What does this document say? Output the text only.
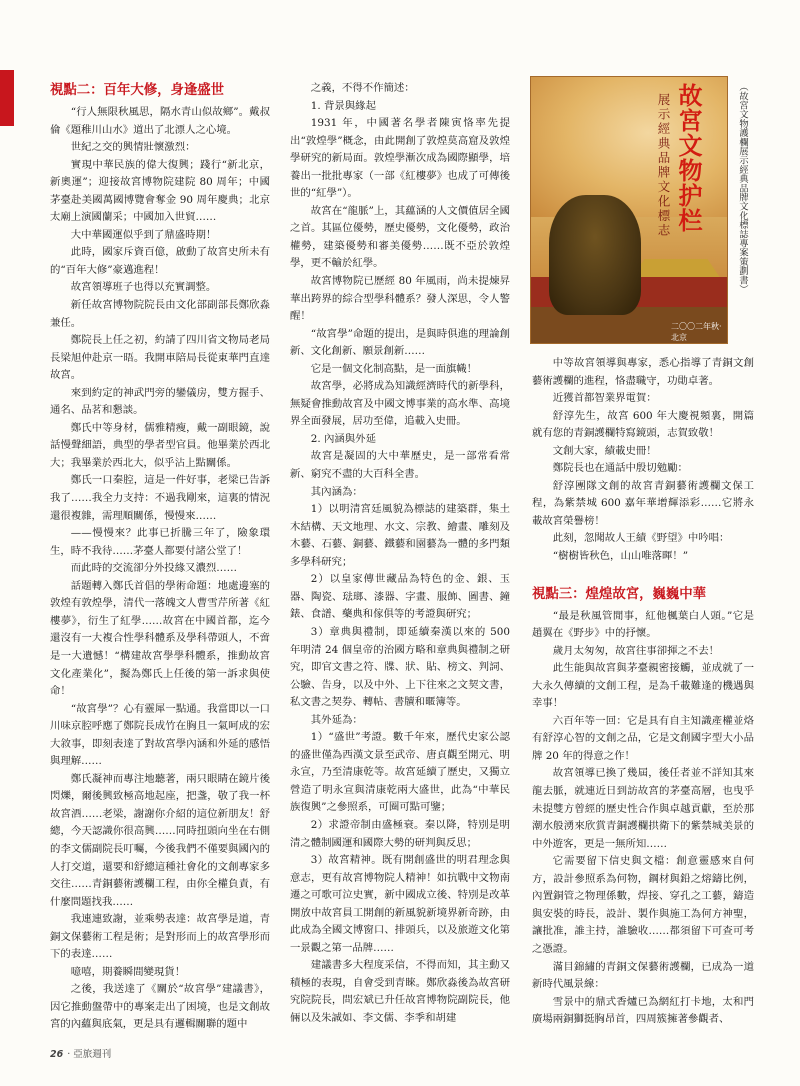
視點二：百年大修，身逢盛世

“行人無限秋風思，隔水青山似故鄉”。戴叔倫《題稚川山水》道出了北漂人之心境。

世紀之交的興情壯懷激烈：

實現中華民族的偉大復興；踐行“新北京，新奧運”；迎接故宮博物院建院 80 周年；中國茅臺赴美國萬國博覽會奪金 90 周年慶典；北京太廟上演國蘭采；中國加入世貿……

大中華國運似乎到了鼎盛時期！

此時，國家斥資百億，啟動了故宮史所未有的“百年大修”豪邁進程！

故宮領導班子也得以充實調整。

新任故宮博物院院長由文化部副部長鄭欣淼兼任。

鄭院長上任之初，約請了四川省文物局老局長梁旭仲赴京一晤。我開車陪局長從東華門直達故宮。

來到約定的神武門旁的鑾儀房，雙方握手、通名、品茗和懇談。

鄭氏中等身材，儒雅精瘦，戴一副眼鏡，說話慢聲細語，典型的學者型官員。他畢業於西北大；我畢業於西北大，似乎沾上點關係。

鄭氏一口秦腔，這是一件好事，老梁已告訴我了……我全力支持：不過我剛來，這裏的情況還很複雜，需理順關係，慢慢來……

——慢慢來？此事已折騰三年了，險象環生，時不我待……茅臺人都要付諸公堂了！

而此時的交流卻分外投緣又濃烈……

話題轉入鄭氏首倡的學術命題：地處邊塞的敦煌有敦煌學，清代一落魄文人曹雪芹所著《紅樓夢》，衍生了紅學……故宮在中國首都，迄今還沒有一大複合性學科體系及學科帶頭人，不啻是一大遺憾！“構建故宮學學科體系，推動故宮文化產業化”，擬為鄭氏上任後的第一訴求與使命！

“故宮學”？心有靈犀一點通。我當即以一口川味京腔呼應了鄭院長成竹在胸且一氣呵成的宏大敘事，即刻表達了對故宮學內涵和外延的感悟與理解……

鄭氏凝神而專注地聽著，兩只眼睛在鏡片後閃爍，爾後興致極高地起座，把盞，敬了我一杯故宮酒……老梁，謝謝你介紹的這位新朋友！舒總，今天認識你很高興……同時扭頭向坐在右側的李文儒副院長叮囑，今後我們不僅要與國內的人打交道，還要和舒總這種社會化的文創專家多交往……青銅藝術護欄工程，由你全權負責，有什麼問題找我……

我連連致謝，並乘勢表達：故宮學是道，青銅文保藝術工程是術；是對形而上的故宮學形而下的表達……

噫嘻，期養瞬間變現貨！

之後，我送達了《關於“故宮學”建議書》，因它推動盤帶中的專案走出了困境，也是文創故宮的內蘊與底氣，更是具有邏輯關聯的題中

之義，不得不作簡述：

1. 背景與緣起

1931 年，中國著名學者陳寅恪率先提出“敦煌學”概念，由此開創了敦煌莫高窟及敦煌學研究的新局面。敦煌學漸次成為國際顯學，培養出一批批專家（一部《紅樓夢》也成了可傳後世的“紅學”）。

故宮在“龍脈”上，其蘊涵的人文價值居全國之首。其區位優勢，歷史優勢，文化優勢，政治權勢，建築優勢和審美優勢……既不亞於敦煌學，更不輸於紅學。

故宮博物院已歷經 80 年風雨，尚未提煉昇華出跨界的綜合型學科體系？發人深思，令人警醒！

“故宮學”命題的提出，是與時俱進的理論創新、文化創新、願景創新……

它是一個文化制高點，是一面旗幟！

故宮學，必將成為知識經濟時代的新學科，無疑會推動故宮及中國文博事業的高水準、高境界全面發展，居功至偉，追載入史冊。

2. 內涵與外延

故宮是凝固的大中華歷史，是一部常看常新、窮究不盡的大百科全書。

其內涵為：

1）以明清宮廷風貌為標誌的建築群，集土木結構、天文地理、水文、宗教、繪畫、雕刻及木藝、石藝、銅藝、鐵藝和園藝為一體的多門類多學科研究；

2）以皇家傳世藏品為特色的金、銀、玉器、陶瓷、琺瑯、漆器、字畫、服飾、圖書、鐘錶、食譜、藥典和傢俱等的考證與研究；

3）章典與禮制，即延續秦漢以來的 500 年明清 24 個皇帝的治國方略和章典與禮制之研究，即官文書之符、牒、狀、貼、榜文、判詞、公驗、告身，以及中外、上下往來之文契文書，私文書之契券、轉帖、書牘和暱簿等。

其外延為：

1）“盛世”考證。數千年來，歷代史家公認的盛世僅為西漢文景至武帝、唐貞觀至開元、明永宣，乃至清康乾等。故宮延續了歷史，又獨立營造了明永宣與清康乾兩大盛世，此為“中華民族復興”之參照系，可圈可點可鑒；

2）求證帝制由盛極衰。秦以降，特別是明清之體制國運和國際大勢的研判與反思；

3）故宮精神。既有開創盛世的明君理念與意志，更有故宮博物院人精神！如抗戰中文物南遷之可歌可泣史實，新中國成立後、特別是改革開放中故宮員工開創的新風貌新境界新奇跡，由此成為全國文博窗口、排頭兵，以及旅遊文化第一景觀之第一品牌……

建議書多大程度采信，不得而知，其主動又積極的表現，自會受到青睞。鄭欣淼後為故宮研究院院長，問宏斌已升任故宮博物院副院長，他倆以及朱誠如、李文儒、李季和胡建

故宮文物护栏
展示經典品牌文化標志
二〇〇二年秋·北京
（故宮文物護欄展示經典品牌文化標誌專案策劃書）

中等故宮領導與專家，悉心指導了青銅文創藝術護欄的進程，恪盡職守，功勛卓著。

近獲首都智業界電賀：

舒淳先生，故宮 600 年大慶視頻裏，開篇就有您的青銅護欄特寫鏡頭，志賀致敬！

文創大家，績載史冊！

鄭院長也在通話中殷切勉勵：

舒淳團隊文創的故宮青銅藝術護欄文保工程，為紫禁城 600 嘉年華增輝添彩……它將永載故宮榮譽榜！

此刻，忽聞故人王績《野望》中吟唱：

“樹樹皆秋色，山山唯落暉！”

視點三：煌煌故宮，巍巍中華

“最是秋風管閒事，紅他楓葉白人頭。”它是趙翼在《野步》中的抒懷。

歲月太匆匆，故宮往事卻揮之不去！

此生能與故宮與茅臺親密接觸，並成就了一大永久傳續的文創工程，是為千載難逢的機遇與幸事！

六百年等一回：它是具有自主知識產權並烙有舒淳心智的文創之品，它是文創國字型大小品牌 20 年的得意之作！

故宮領導已換了幾屆，後任者並不詳知其來龍去脈，就連近日到訪故宮的茅臺高層，也曳乎未提雙方曾經的歷史性合作與卓越貢獻，至於那潮水般湧來欣賞青銅護欄拱衛下的紫禁城美景的中外遊客，更是一無所知……

它需要留下信史與文檔：創意靈感來自何方，設計參照系為何物，鋼材與鉛之熔鑄比例，內置銅管之物理係數，焊接、穿孔之工藝，鑄造與安裝的時長，設計、製作與施工為何方神聖，讓批准，誰主持，誰驗收……都須留下可查可考之憑證。

滿目錦繡的青銅文保藝術護欄，已成為一道新時代風景線：

雪景中的鼎式香爐已為網紅打卡地，太和門廣場兩銅獅挺胸昂首，四周簇擁著參觀者、

26 · 亞旅週刊
